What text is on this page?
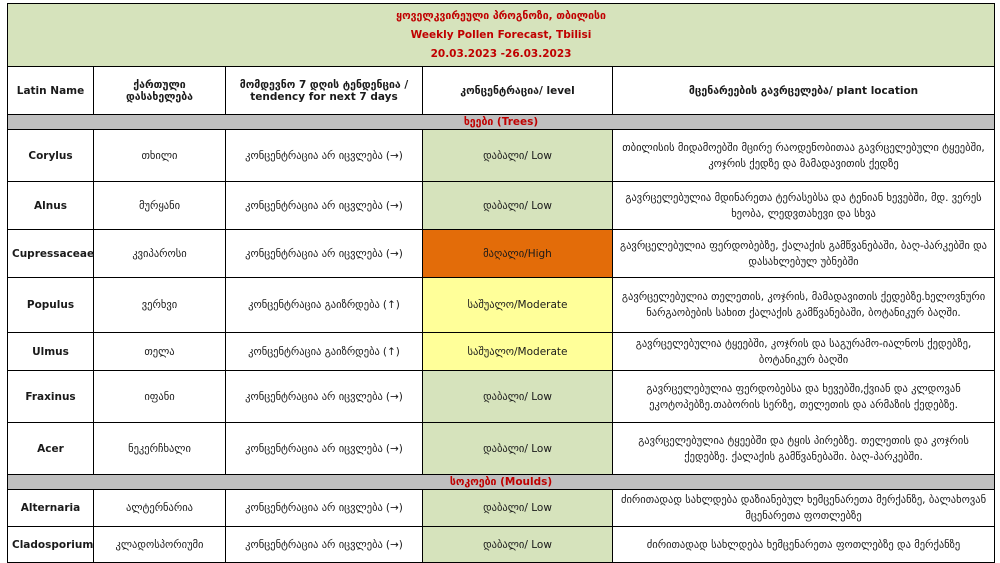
ყოველკვირეული პროგნოზი, თბილისი
Weekly Pollen Forecast, Tbilisi
20.03.2023 -26.03.2023				

Latin Name	ქართული დასახელება	მომდევნო 7 დღის ტენდენცია / tendency for next 7 days	კონცენტრაცია/ level	მცენარეების გავრცელება/ plant location
ხეები (Trees)				
Corylus	თხილი	კონცენტრაცია არ იცვლება (→)	დაბალი/ Low	თბილისის მიდამოებში მცირე რაოდენობითაა გავრცელებული ტყეებში, კოჯრის ქედზე და მამადავითის ქედზე
Alnus	მურყანი	კონცენტრაცია არ იცვლება (→)	დაბალი/ Low	გავრცელებულია მდინარეთა ტერასებსა და ტენიან ხევებში, მდ. ვერეს ხეობა, ლედვთახევი და სხვა
Cupressaceae	კვიპაროსი	კონცენტრაცია არ იცვლება (→)	მაღალი/High	გავრცელებულია ფერდობებზე, ქალაქის გამწვანებაში, ბაღ-პარკებში და დასახლებულ უბნებში
Populus	ვერხვი	კონცენტრაცია გაიზრდება (↑)	საშუალო/Moderate	გავრცელებულია თელეთის, კოჯრის, მამადავითის ქედებზე.ხელოვნური ნარგაობების სახით ქალაქის გამწვანებაში, ბოტანიკურ ბაღში.
Ulmus	თელა	კონცენტრაცია გაიზრდება (↑)	საშუალო/Moderate	გავრცელებულია ტყეებში, კოჯრის და საგურამო-იალნოს ქედებზე, ბოტანიკურ ბაღში
Fraxinus	იფანი	კონცენტრაცია არ იცვლება (→)	დაბალი/ Low	გავრცელებულია ფერდობებსა და ხევებში,ქვიან და კლდოვან ეკოტოპებზე.თაბორის სერზე, თელეთის და არმაზის ქედებზე.
Acer	ნეკერჩხალი	კონცენტრაცია არ იცვლება (→)	დაბალი/ Low	გავრცელებულია ტყეებში და ტყის პირებზე. თელეთის და კოჯრის ქედებზე. ქალაქის გამწვანებაში. ბაღ-პარკებში.
სოკოები (Moulds)				
Alternaria	ალტერნარია	კონცენტრაცია არ იცვლება (→)	დაბალი/ Low	ძირითადად სახლდება დაზიანებულ ხემცენარეთა მერქანზე, ბალახოვან მცენარეთა ფოთლებზე
Cladosporium	კლადოსპორიუმი	კონცენტრაცია არ იცვლება (→)	დაბალი/ Low	ძირითადად სახლდება ხემცენარეთა ფოთლებზე და მერქანზე
